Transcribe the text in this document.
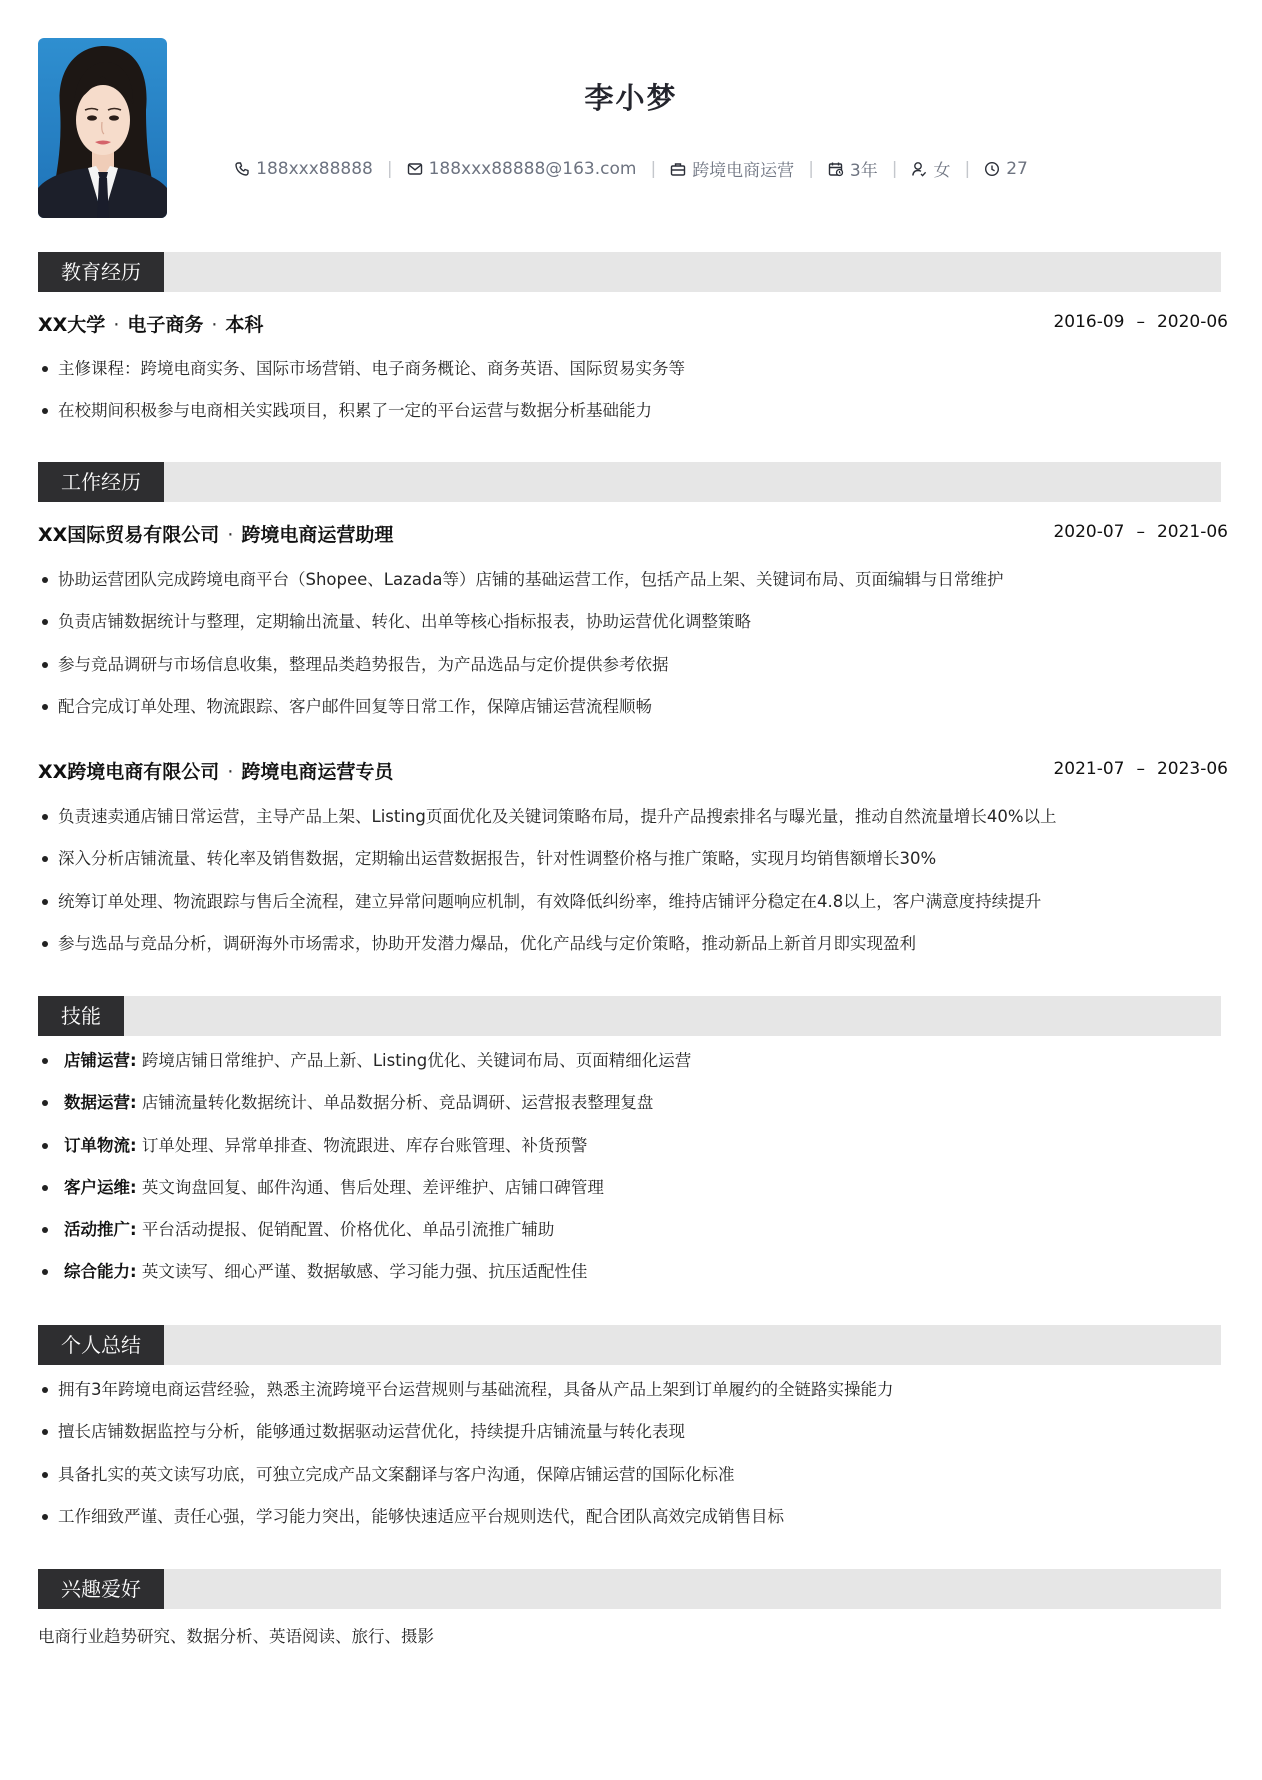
李小梦
188xxx88888 | 188xxx88888@163.com | 跨境电商运营 | 3年 | 女 | 27
教育经历
XX大学 · 电子商务 · 本科	2016-09 – 2020-06
主修课程：跨境电商实务、国际市场营销、电子商务概论、商务英语、国际贸易实务等
在校期间积极参与电商相关实践项目，积累了一定的平台运营与数据分析基础能力
工作经历
XX国际贸易有限公司 · 跨境电商运营助理	2020-07 – 2021-06
协助运营团队完成跨境电商平台（Shopee、Lazada等）店铺的基础运营工作，包括产品上架、关键词布局、页面编辑与日常维护
负责店铺数据统计与整理，定期输出流量、转化、出单等核心指标报表，协助运营优化调整策略
参与竞品调研与市场信息收集，整理品类趋势报告，为产品选品与定价提供参考依据
配合完成订单处理、物流跟踪、客户邮件回复等日常工作，保障店铺运营流程顺畅
XX跨境电商有限公司 · 跨境电商运营专员	2021-07 – 2023-06
负责速卖通店铺日常运营，主导产品上架、Listing页面优化及关键词策略布局，提升产品搜索排名与曝光量，推动自然流量增长40%以上
深入分析店铺流量、转化率及销售数据，定期输出运营数据报告，针对性调整价格与推广策略，实现月均销售额增长30%
统筹订单处理、物流跟踪与售后全流程，建立异常问题响应机制，有效降低纠纷率，维持店铺评分稳定在4.8以上，客户满意度持续提升
参与选品与竞品分析，调研海外市场需求，协助开发潜力爆品，优化产品线与定价策略，推动新品上新首月即实现盈利
技能
店铺运营: 跨境店铺日常维护、产品上新、Listing优化、关键词布局、页面精细化运营
数据运营: 店铺流量转化数据统计、单品数据分析、竞品调研、运营报表整理复盘
订单物流: 订单处理、异常单排查、物流跟进、库存台账管理、补货预警
客户运维: 英文询盘回复、邮件沟通、售后处理、差评维护、店铺口碑管理
活动推广: 平台活动提报、促销配置、价格优化、单品引流推广辅助
综合能力: 英文读写、细心严谨、数据敏感、学习能力强、抗压适配性佳
个人总结
拥有3年跨境电商运营经验，熟悉主流跨境平台运营规则与基础流程，具备从产品上架到订单履约的全链路实操能力
擅长店铺数据监控与分析，能够通过数据驱动运营优化，持续提升店铺流量与转化表现
具备扎实的英文读写功底，可独立完成产品文案翻译与客户沟通，保障店铺运营的国际化标准
工作细致严谨、责任心强，学习能力突出，能够快速适应平台规则迭代，配合团队高效完成销售目标
兴趣爱好
电商行业趋势研究、数据分析、英语阅读、旅行、摄影
